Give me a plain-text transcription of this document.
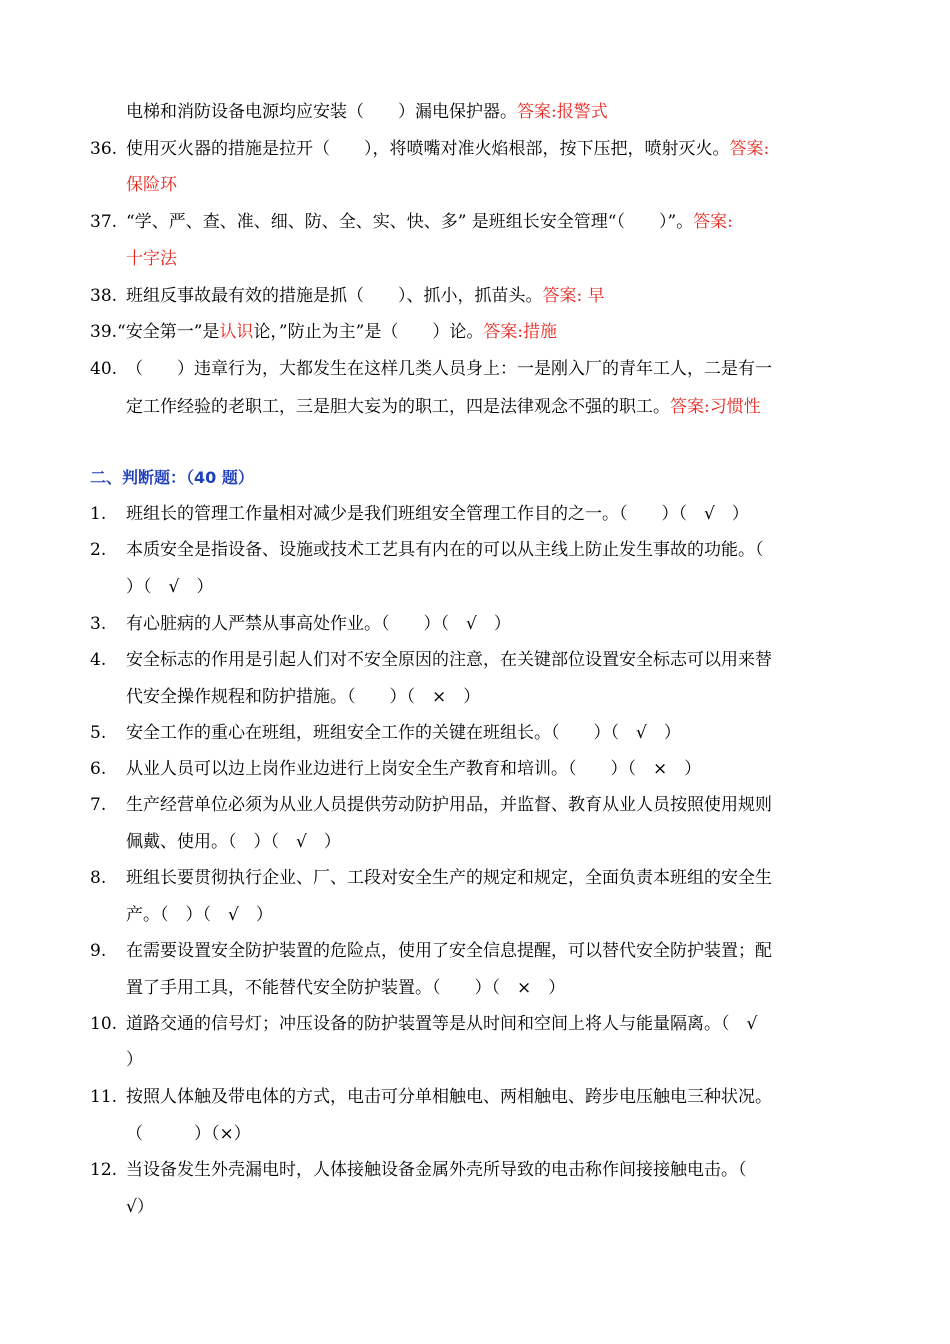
电梯和消防设备电源均应安装（　　）漏电保护器。答案:报警式
36. 使用灭火器的措施是拉开（　　），将喷嘴对准火焰根部，按下压把，喷射灭火。答案:
保险环
37. “学、严、查、准、细、防、全、实、快、多” 是班组长安全管理“（　　）”。答案:
十字法
38. 班组反事故最有效的措施是抓（　　）、抓小，抓苗头。答案: 早
39.“安全第一”是认识论，”防止为主”是（　　）论。答案:措施
40. （　　）违章行为，大都发生在这样几类人员身上：一是刚入厂的青年工人，二是有一
定工作经验的老职工，三是胆大妄为的职工，四是法律观念不强的职工。答案:习惯性
二、判断题：（40 题）
1. 班组长的管理工作量相对减少是我们班组安全管理工作目的之一。（　　）（　√　）
2. 本质安全是指设备、设施或技术工艺具有内在的可以从主线上防止发生事故的功能。（
）（　√　）
3. 有心脏病的人严禁从事高处作业。（　　）（　√　）
4. 安全标志的作用是引起人们对不安全原因的注意，在关键部位设置安全标志可以用来替
代安全操作规程和防护措施。（　　）（　×　）
5. 安全工作的重心在班组，班组安全工作的关键在班组长。（　　）（　√　）
6. 从业人员可以边上岗作业边进行上岗安全生产教育和培训。（　　）（　×　）
7. 生产经营单位必须为从业人员提供劳动防护用品，并监督、教育从业人员按照使用规则
佩戴、使用。（　）（　√　）
8. 班组长要贯彻执行企业、厂、工段对安全生产的规定和规定，全面负责本班组的安全生
产。（　）（　√　）
9. 在需要设置安全防护装置的危险点，使用了安全信息提醒，可以替代安全防护装置；配
置了手用工具，不能替代安全防护装置。（　　）（　×　）
10. 道路交通的信号灯；冲压设备的防护装置等是从时间和空间上将人与能量隔离。（　√
）
11. 按照人体触及带电体的方式，电击可分单相触电、两相触电、跨步电压触电三种状况。
（　　　）（×）
12. 当设备发生外壳漏电时，人体接触设备金属外壳所导致的电击称作间接接触电击。（
√）
